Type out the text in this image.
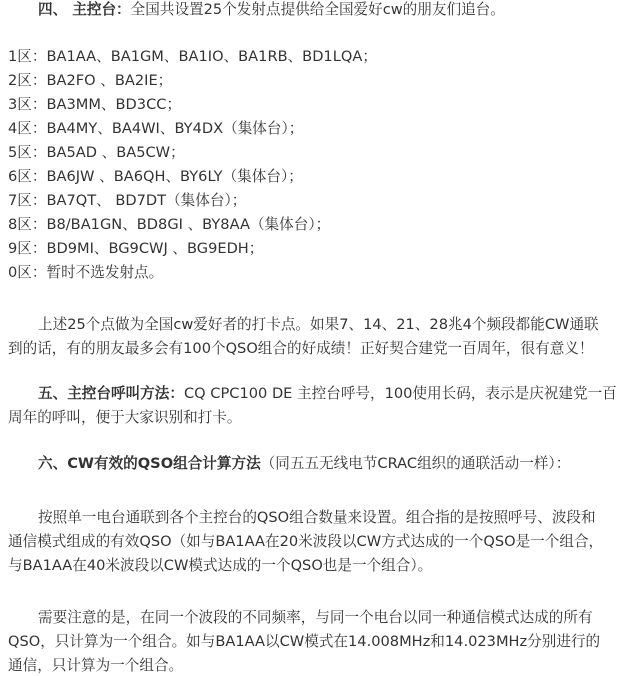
四、 主控台：全国共设置25个发射点提供给全国爱好cw的朋友们追台。
1区：BA1AA、BA1GM、BA1IO、BA1RB、BD1LQA；
2区：BA2FO 、BA2IE；
3区：BA3MM、BD3CC；
4区：BA4MY、BA4WI、BY4DX（集体台）；
5区：BA5AD 、BA5CW；
6区：BA6JW 、BA6QH、BY6LY（集体台）；
7区：BA7QT、 BD7DT（集体台）；
8区：B8/BA1GN、BD8GI 、BY8AA（集体台）；
9区：BD9MI、BG9CWJ 、BG9EDH；
0区：暂时不选发射点。
上述25个点做为全国cw爱好者的打卡点。如果7、14、21、28兆4个频段都能CW通联
到的话，有的朋友最多会有100个QSO组合的好成绩！正好契合建党一百周年，很有意义！
五、主控台呼叫方法：CQ CPC100 DE 主控台呼号，100使用长码，表示是庆祝建党一百
周年的呼叫，便于大家识别和打卡。
六、CW有效的QSO组合计算方法（同五五无线电节CRAC组织的通联活动一样）：
按照单一电台通联到各个主控台的QSO组合数量来设置。组合指的是按照呼号、波段和
通信模式组成的有效QSO（如与BA1AA在20米波段以CW方式达成的一个QSO是一个组合，
与BA1AA在40米波段以CW模式达成的一个QSO也是一个组合）。
需要注意的是，在同一个波段的不同频率，与同一个电台以同一种通信模式达成的所有
QSO，只计算为一个组合。如与BA1AA以CW模式在14.008MHz和14.023MHz分别进行的
通信，只计算为一个组合。
